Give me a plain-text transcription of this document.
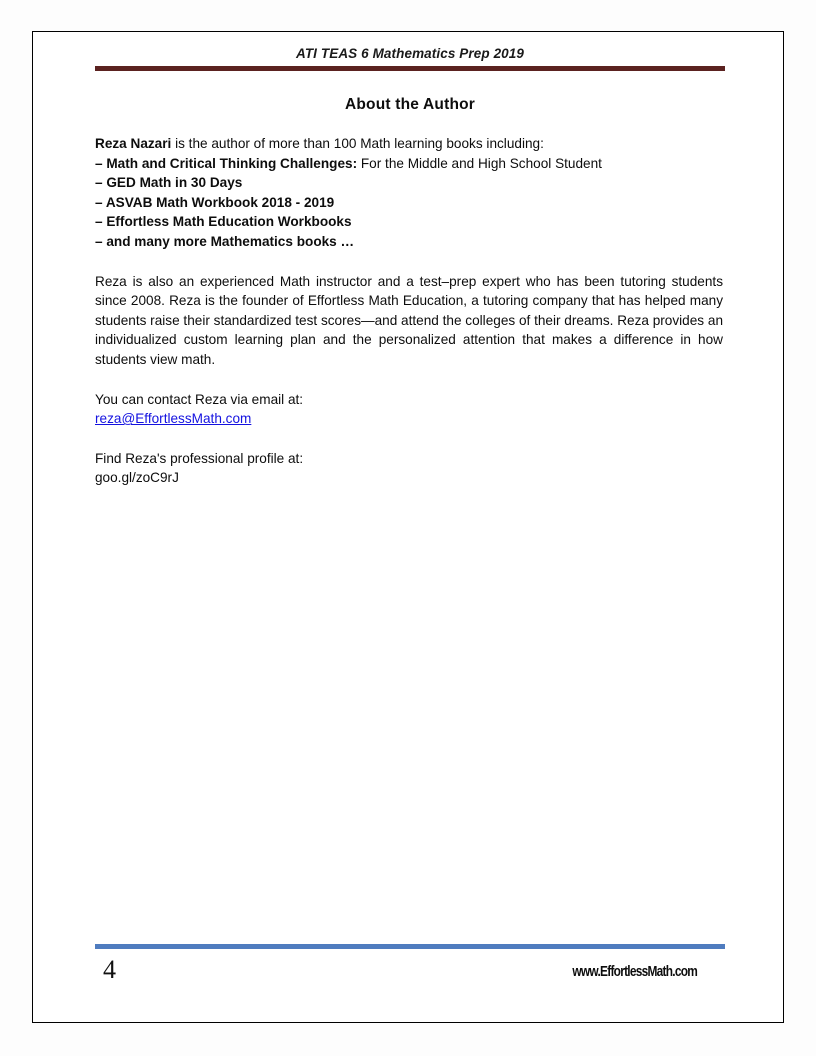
ATI TEAS 6 Mathematics Prep 2019
About the Author
Reza Nazari is the author of more than 100 Math learning books including:
– Math and Critical Thinking Challenges: For the Middle and High School Student
– GED Math in 30 Days
– ASVAB Math Workbook 2018 - 2019
– Effortless Math Education Workbooks
– and many more Mathematics books …

Reza is also an experienced Math instructor and a test–prep expert who has been tutoring students since 2008. Reza is the founder of Effortless Math Education, a tutoring company that has helped many students raise their standardized test scores—and attend the colleges of their dreams. Reza provides an individualized custom learning plan and the personalized attention that makes a difference in how students view math.

You can contact Reza via email at:
reza@EffortlessMath.com
Find Reza's professional profile at:
goo.gl/zoC9rJ
4	www.EffortlessMath.com
